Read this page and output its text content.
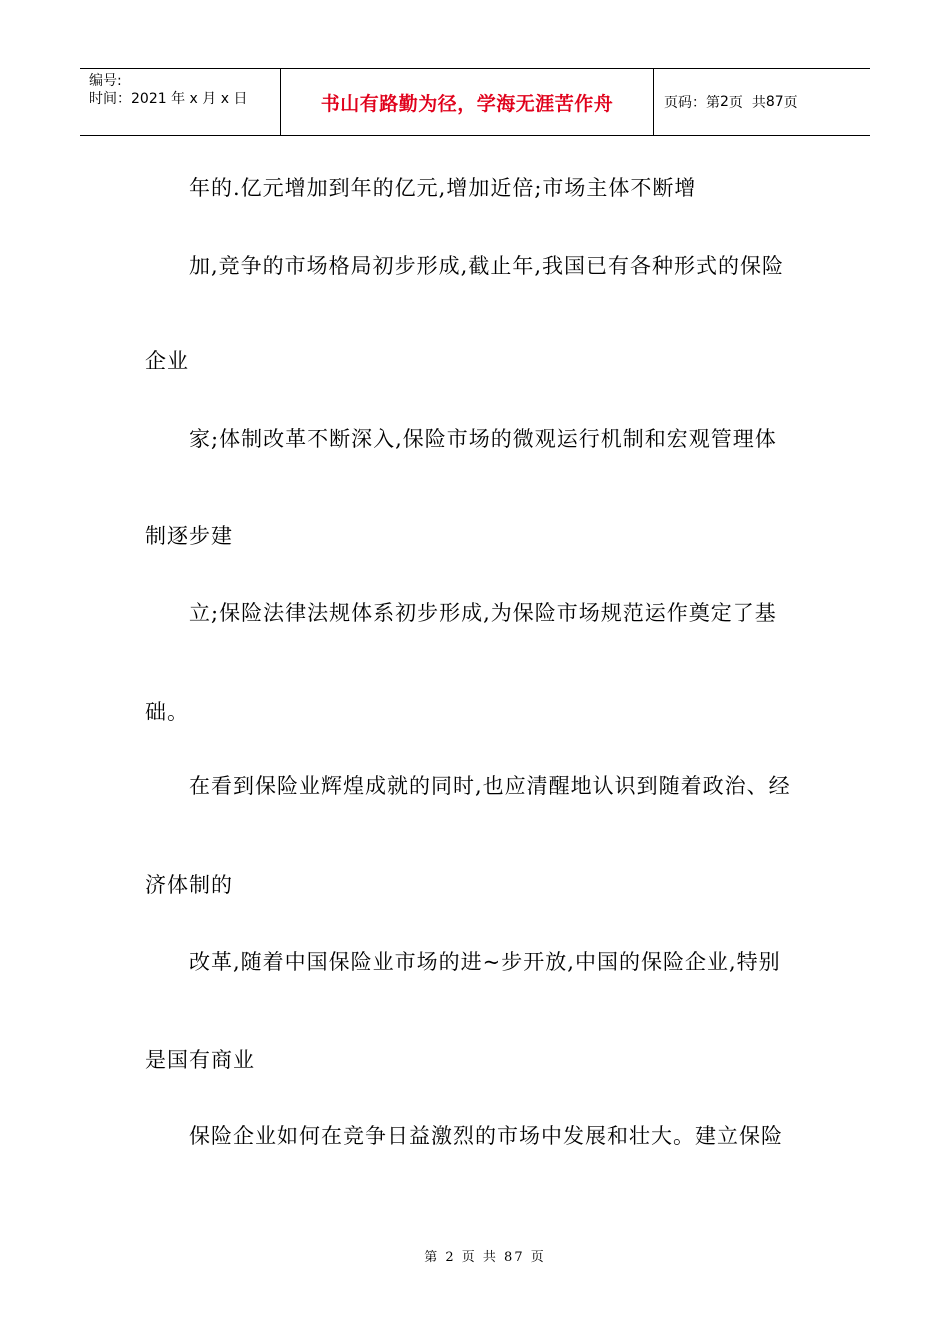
编号:
时间：2021 年 x 月 x 日	书山有路勤为径，学海无涯苦作舟	页码：第 2 页  共 87 页
年的.亿元增加到年的亿元,增加近倍;市场主体不断增
加,竞争的市场格局初步形成,截止年,我国已有各种形式的保险
企业
家;体制改革不断深入,保险市场的微观运行机制和宏观管理体
制逐步建
立;保险法律法规体系初步形成,为保险市场规范运作奠定了基
础。
在看到保险业辉煌成就的同时,也应清醒地认识到随着政治、经
济体制的
改革,随着中国保险业市场的进~步开放,中国的保险企业,特别
是国有商业
保险企业如何在竞争日益激烈的市场中发展和壮大。建立保险
第 2 页 共 87 页
